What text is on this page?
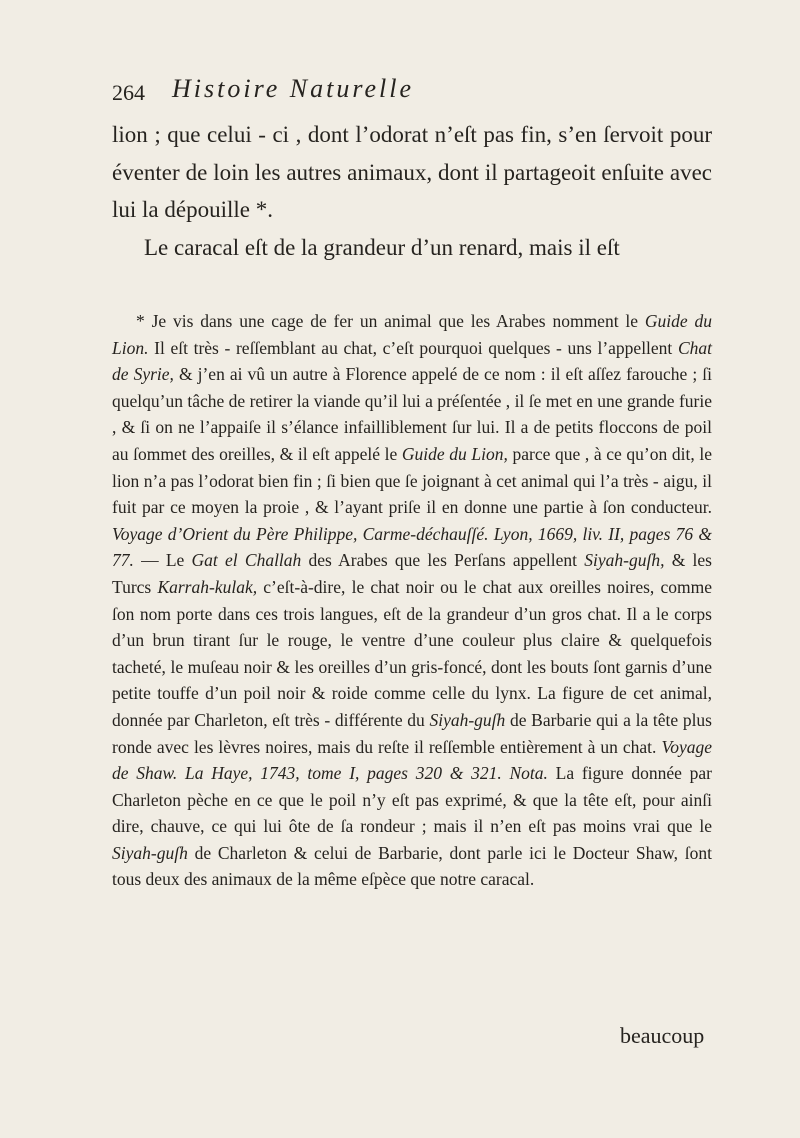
264 Histoire Naturelle

lion ; que celui - ci , dont l’odorat n’eſt pas fin, s’en ſervoit pour éventer de loin les autres animaux, dont il partageoit enſuite avec lui la dépouille *.

Le caracal eſt de la grandeur d’un renard, mais il eſt

* Je vis dans une cage de fer un animal que les Arabes nomment le Guide du Lion. Il eſt très - reſſemblant au chat, c’eſt pourquoi quelques - uns l’appellent Chat de Syrie, & j’en ai vû un autre à Florence appelé de ce nom : il eſt aſſez farouche ; ſi quelqu’un tâche de retirer la viande qu’il lui a préſentée , il ſe met en une grande furie , & ſi on ne l’appaiſe il s’élance infailliblement ſur lui. Il a de petits floccons de poil au ſommet des oreilles, & il eſt appelé le Guide du Lion, parce que , à ce qu’on dit, le lion n’a pas l’odorat bien fin ; ſi bien que ſe joignant à cet animal qui l’a très - aigu, il fuit par ce moyen la proie , & l’ayant priſe il en donne une partie à ſon conducteur. Voyage d’Orient du Père Philippe, Carme-déchauſſé. Lyon, 1669, liv. II, pages 76 & 77. — Le Gat el Challah des Arabes que les Perſans appellent Siyah-guſh, & les Turcs Karrah-kulak, c’eſt-à-dire, le chat noir ou le chat aux oreilles noires, comme ſon nom porte dans ces trois langues, eſt de la grandeur d’un gros chat. Il a le corps d’un brun tirant ſur le rouge, le ventre d’une couleur plus claire & quelquefois tacheté, le muſeau noir & les oreilles d’un gris-foncé, dont les bouts ſont garnis d’une petite touffe d’un poil noir & roide comme celle du lynx. La figure de cet animal, donnée par Charleton, eſt très - différente du Siyah-guſh de Barbarie qui a la tête plus ronde avec les lèvres noires, mais du reſte il reſſemble entièrement à un chat. Voyage de Shaw. La Haye, 1743, tome I, pages 320 & 321. Nota. La figure donnée par Charleton pèche en ce que le poil n’y eſt pas exprimé, & que la tête eſt, pour ainſi dire, chauve, ce qui lui ôte de ſa rondeur ; mais il n’en eſt pas moins vrai que le Siyah-guſh de Charleton & celui de Barbarie, dont parle ici le Docteur Shaw, ſont tous deux des animaux de la même eſpèce que notre caracal.

beaucoup
